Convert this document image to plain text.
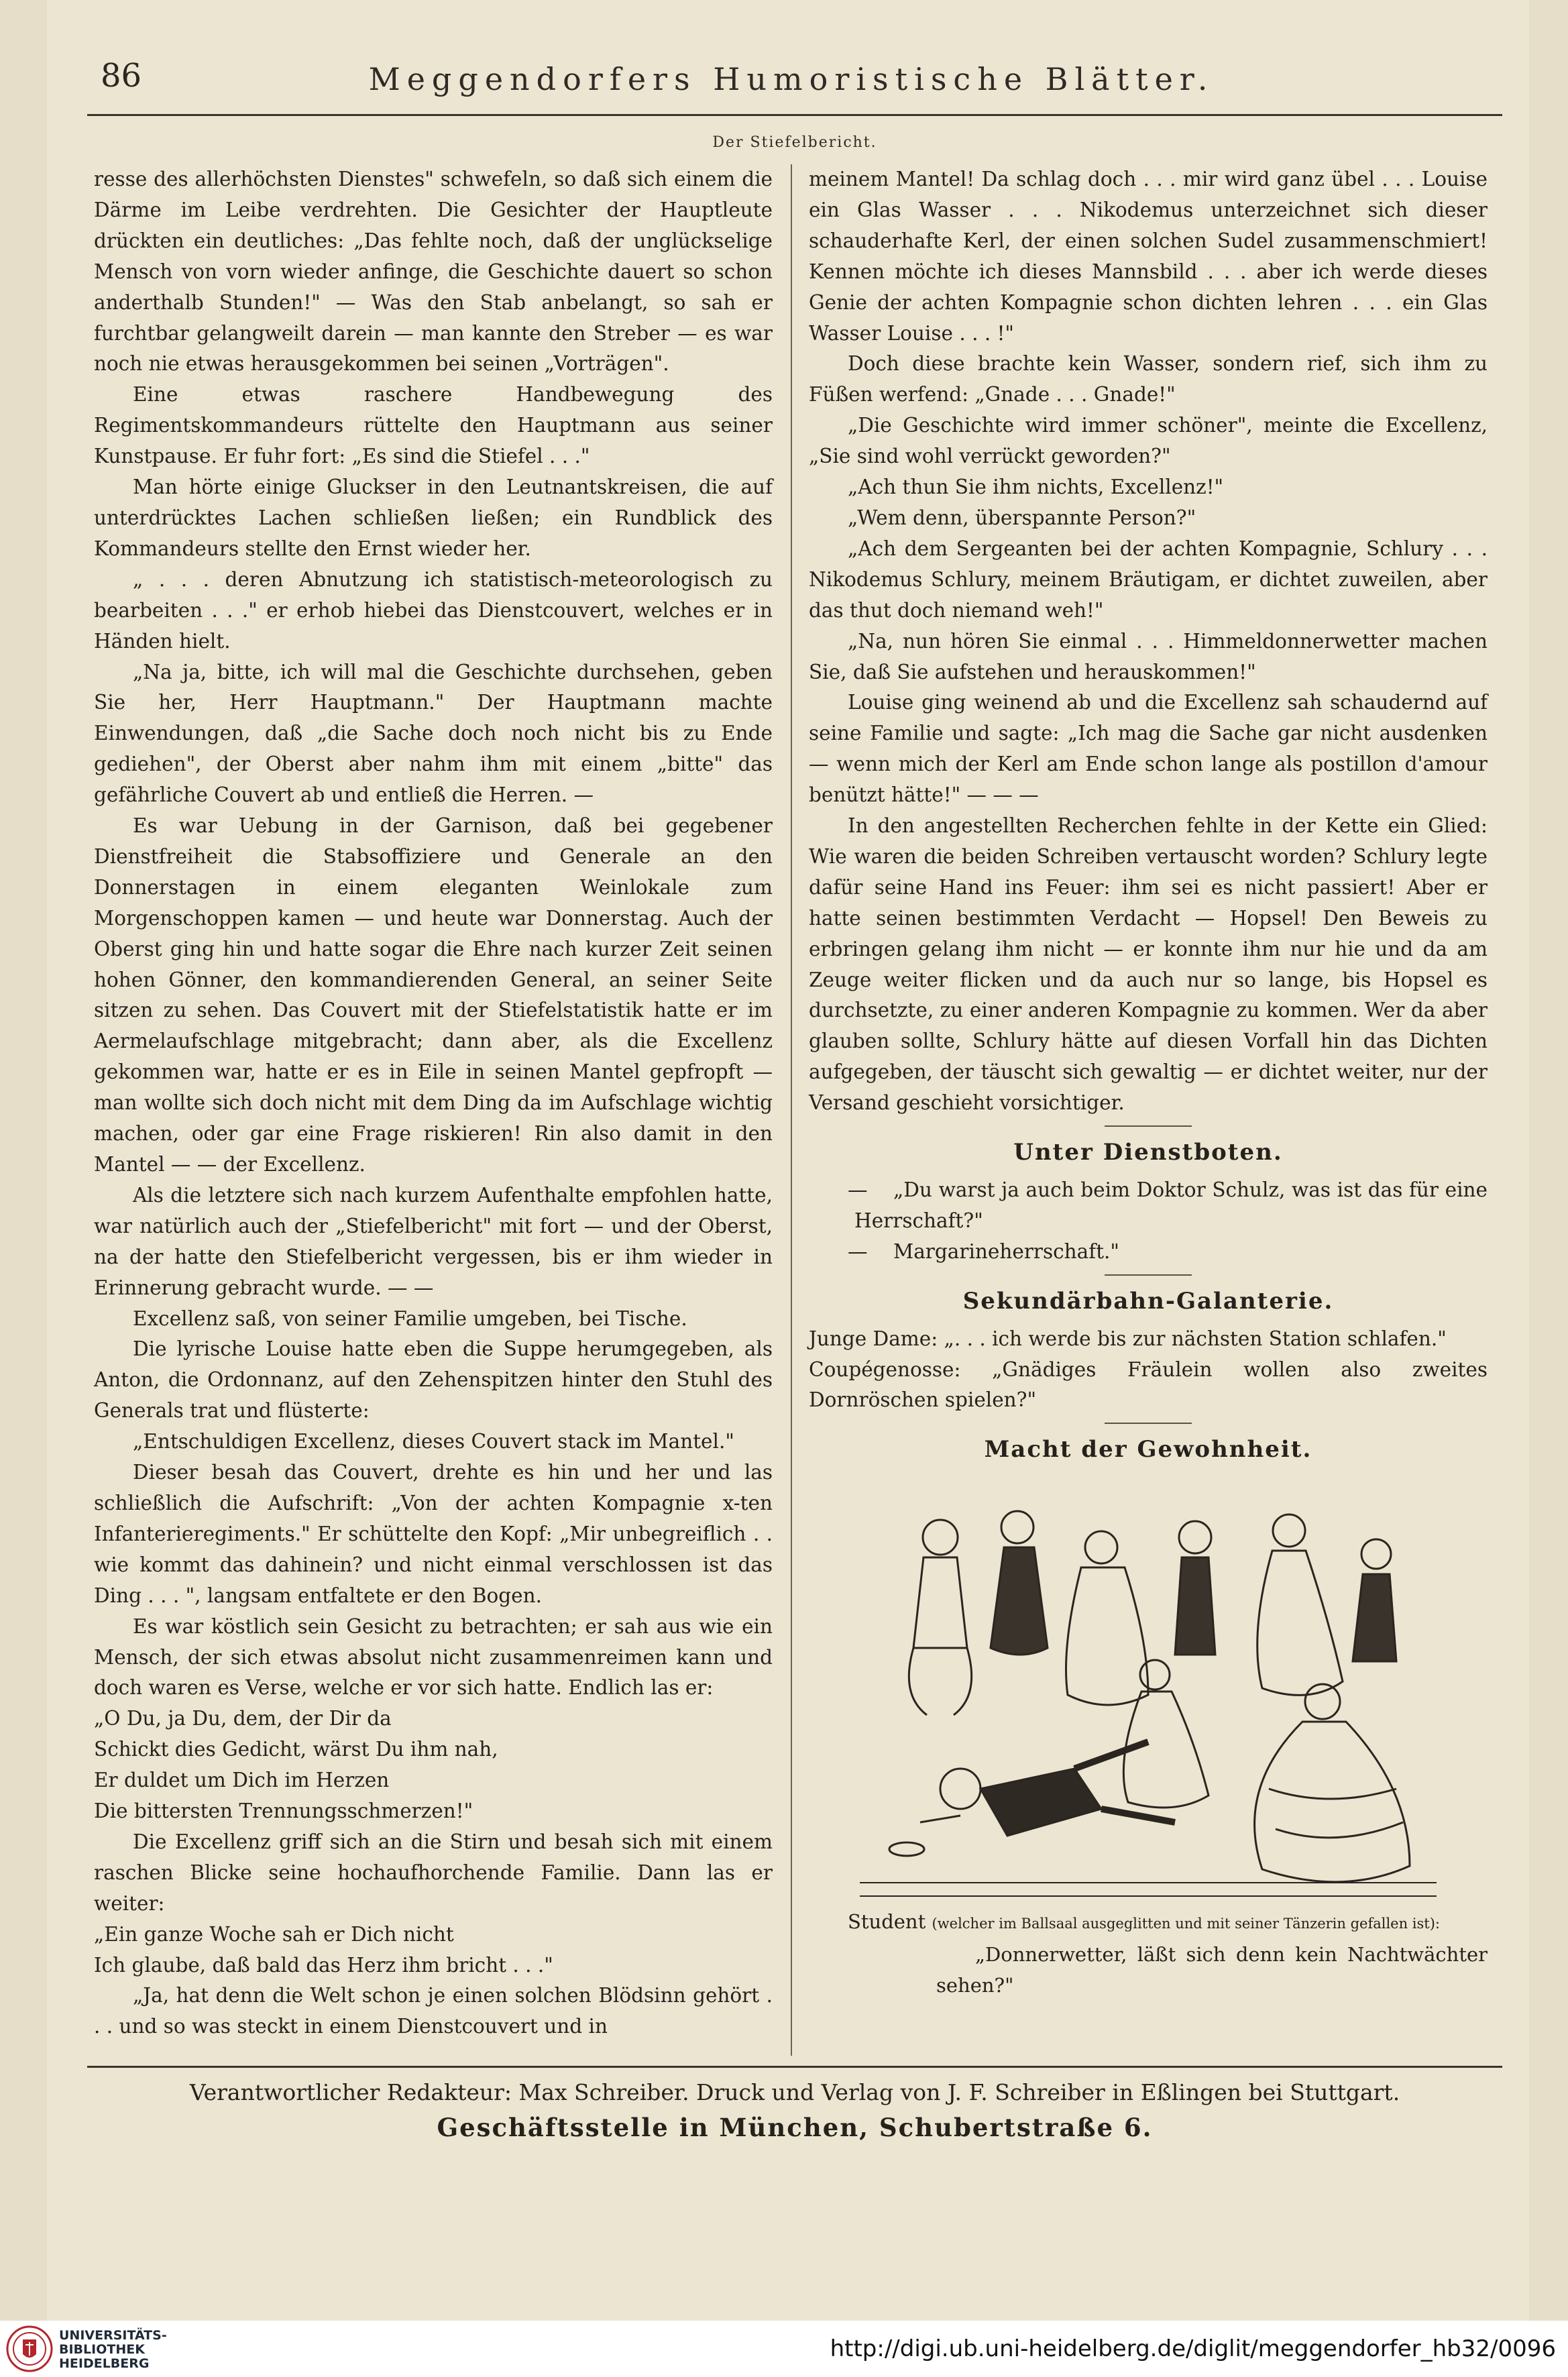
86	Meggendorfers Humoristische Blätter.
Der Stiefelbericht.

resse des allerhöchsten Dienstes" schwefeln, so daß sich einem die Därme im Leibe verdrehten. Die Gesichter der Hauptleute drückten ein deutliches: „Das fehlte noch, daß der unglückselige Mensch von vorn wieder anfinge, die Geschichte dauert so schon anderthalb Stunden!" — Was den Stab anbelangt, so sah er furchtbar gelangweilt darein — man kannte den Streber — es war noch nie etwas herausgekommen bei seinen „Vorträgen".

Eine etwas raschere Handbewegung des Regimentskommandeurs rüttelte den Hauptmann aus seiner Kunstpause. Er fuhr fort: „Es sind die Stiefel . . ."

Man hörte einige Gluckser in den Leutnantskreisen, die auf unterdrücktes Lachen schließen ließen; ein Rundblick des Kommandeurs stellte den Ernst wieder her.

„ . . . deren Abnutzung ich statistisch-meteorologisch zu bearbeiten . . ." er erhob hiebei das Dienstcouvert, welches er in Händen hielt.

„Na ja, bitte, ich will mal die Geschichte durchsehen, geben Sie her, Herr Hauptmann." Der Hauptmann machte Einwendungen, daß „die Sache doch noch nicht bis zu Ende gediehen", der Oberst aber nahm ihm mit einem „bitte" das gefährliche Couvert ab und entließ die Herren. —

Es war Uebung in der Garnison, daß bei gegebener Dienstfreiheit die Stabsoffiziere und Generale an den Donnerstagen in einem eleganten Weinlokale zum Morgenschoppen kamen — und heute war Donnerstag. Auch der Oberst ging hin und hatte sogar die Ehre nach kurzer Zeit seinen hohen Gönner, den kommandierenden General, an seiner Seite sitzen zu sehen. Das Couvert mit der Stiefelstatistik hatte er im Aermelaufschlage mitgebracht; dann aber, als die Excellenz gekommen war, hatte er es in Eile in seinen Mantel gepfropft — man wollte sich doch nicht mit dem Ding da im Aufschlage wichtig machen, oder gar eine Frage riskieren! Rin also damit in den Mantel — — der Excellenz.

Als die letztere sich nach kurzem Aufenthalte empfohlen hatte, war natürlich auch der „Stiefelbericht" mit fort — und der Oberst, na der hatte den Stiefelbericht vergessen, bis er ihm wieder in Erinnerung gebracht wurde. — —

Excellenz saß, von seiner Familie umgeben, bei Tische.

Die lyrische Louise hatte eben die Suppe herumgegeben, als Anton, die Ordonnanz, auf den Zehenspitzen hinter den Stuhl des Generals trat und flüsterte:

„Entschuldigen Excellenz, dieses Couvert stack im Mantel."

Dieser besah das Couvert, drehte es hin und her und las schließlich die Aufschrift: „Von der achten Kompagnie x-ten Infanterieregiments." Er schüttelte den Kopf: „Mir unbegreiflich . . wie kommt das dahinein? und nicht einmal verschlossen ist das Ding . . . ", langsam entfaltete er den Bogen.

Es war köstlich sein Gesicht zu betrachten; er sah aus wie ein Mensch, der sich etwas absolut nicht zusammenreimen kann und doch waren es Verse, welche er vor sich hatte. Endlich las er:

„O Du, ja Du, dem, der Dir da

Schickt dies Gedicht, wärst Du ihm nah,

Er duldet um Dich im Herzen

Die bittersten Trennungsschmerzen!"

Die Excellenz griff sich an die Stirn und besah sich mit einem raschen Blicke seine hochaufhorchende Familie. Dann las er weiter:

„Ein ganze Woche sah er Dich nicht

Ich glaube, daß bald das Herz ihm bricht . . ."

„Ja, hat denn die Welt schon je einen solchen Blödsinn gehört . . . und so was steckt in einem Dienstcouvert und in

meinem Mantel! Da schlag doch . . . mir wird ganz übel . . . Louise ein Glas Wasser . . . Nikodemus unterzeichnet sich dieser schauderhafte Kerl, der einen solchen Sudel zusammenschmiert! Kennen möchte ich dieses Mannsbild . . . aber ich werde dieses Genie der achten Kompagnie schon dichten lehren . . . ein Glas Wasser Louise . . . !"

Doch diese brachte kein Wasser, sondern rief, sich ihm zu Füßen werfend: „Gnade . . . Gnade!"

„Die Geschichte wird immer schöner", meinte die Excellenz, „Sie sind wohl verrückt geworden?"

„Ach thun Sie ihm nichts, Excellenz!"

„Wem denn, überspannte Person?"

„Ach dem Sergeanten bei der achten Kompagnie, Schlury . . . Nikodemus Schlury, meinem Bräutigam, er dichtet zuweilen, aber das thut doch niemand weh!"

„Na, nun hören Sie einmal . . . Himmeldonnerwetter machen Sie, daß Sie aufstehen und herauskommen!"

Louise ging weinend ab und die Excellenz sah schaudernd auf seine Familie und sagte: „Ich mag die Sache gar nicht ausdenken — wenn mich der Kerl am Ende schon lange als postillon d'amour benützt hätte!" — — —

In den angestellten Recherchen fehlte in der Kette ein Glied: Wie waren die beiden Schreiben vertauscht worden? Schlury legte dafür seine Hand ins Feuer: ihm sei es nicht passiert! Aber er hatte seinen bestimmten Verdacht — Hopsel! Den Beweis zu erbringen gelang ihm nicht — er konnte ihm nur hie und da am Zeuge weiter flicken und da auch nur so lange, bis Hopsel es durchsetzte, zu einer anderen Kompagnie zu kommen. Wer da aber glauben sollte, Schlury hätte auf diesen Vorfall hin das Dichten aufgegeben, der täuscht sich gewaltig — er dichtet weiter, nur der Versand geschieht vorsichtiger.

Unter Dienstboten.

— „Du warst ja auch beim Doktor Schulz, was ist das für eine Herrschaft?"

— Margarineherrschaft."

Sekundärbahn-Galanterie.

Junge Dame: „. . . ich werde bis zur nächsten Station schlafen."

Coupégenossе: „Gnädiges Fräulein wollen also zweites Dornröschen spielen?"

Macht der Gewohnheit.

Student (welcher im Ballsaal ausgeglitten und mit seiner Tänzerin gefallen ist):
„Donnerwetter, läßt sich denn kein Nachtwächter sehen?"

Verantwortlicher Redakteur: Max Schreiber. Druck und Verlag von J. F. Schreiber in Eßlingen bei Stuttgart.
Geschäftsstelle in München, Schubertstraße 6.
UNIVERSITÄTS-
BIBLIOTHEK
HEIDELBERG
http://digi.ub.uni-heidelberg.de/diglit/meggendorfer_hb32/0096
